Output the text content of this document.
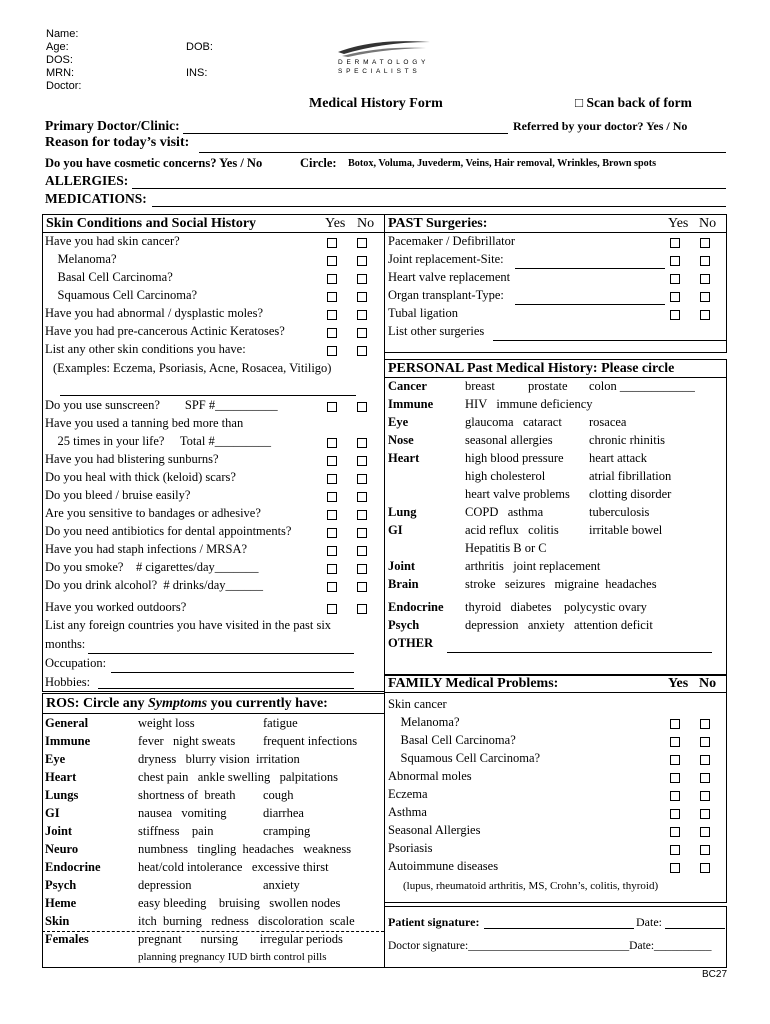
Name:
Age:	DOB:
DOS:
MRN:	INS:
Doctor:
D E R M A T O L O G Y
S P E C I A L I S T S
Medical History Form	□ Scan back of form
Primary Doctor/Clinic:	Referred by your doctor? Yes / No
Reason for today’s visit:
Do you have cosmetic concerns? Yes / No	Circle: Botox, Voluma, Juvederm, Veins, Hair removal, Wrinkles, Brown spots
ALLERGIES:
MEDICATIONS:
Skin Conditions and Social History	Yes No
Have you had skin cancer?
Melanoma?
Basal Cell Carcinoma?
Squamous Cell Carcinoma?
Have you had abnormal / dysplastic moles?
Have you had pre-cancerous Actinic Keratoses?
List any other skin conditions you have:
(Examples: Eczema, Psoriasis, Acne, Rosacea, Vitiligo)
Do you use sunscreen?        SPF #__________
Have you used a tanning bed more than
25 times in your life?     Total #_________
Have you had blistering sunburns?
Do you heal with thick (keloid) scars?
Do you bleed / bruise easily?
Are you sensitive to bandages or adhesive?
Do you need antibiotics for dental appointments?
Have you had staph infections / MRSA?
Do you smoke?    # cigarettes/day_______
Do you drink alcohol?  # drinks/day______
Have you worked outdoors?
List any foreign countries you have visited in the past six
months:
Occupation:
Hobbies:
PAST Surgeries:	Yes No
Pacemaker / Defibrillator
Joint replacement-Site:
Heart valve replacement
Organ transplant-Type:
Tubal ligation
List other surgeries
PERSONAL Past Medical History: Please circle
Cancer	breast	prostate colon ____________
Immune	HIV   immune deficiency
Eye	glaucoma   cataract rosacea
Nose	seasonal allergies	chronic rhinitis
Heart	high blood pressure heart attack
high cholesterol	atrial fibrillation
heart valve problems clotting disorder
Lung	COPD   asthma	tuberculosis
GI	acid reflux   colitis irritable bowel
Hepatitis B or C
Joint	arthritis   joint replacement
Brain	stroke   seizures   migraine  headaches
Endocrine thyroid   diabetes    polycystic ovary
Psych	depression   anxiety   attention deficit
OTHER
ROS: Circle any Symptoms you currently have:
General	weight loss	fatigue
Immune	fever   night sweats frequent infections
Eye	dryness   blurry vision  irritation
Heart	chest pain   ankle swelling   palpitations
Lungs	shortness of  breath cough
GI	nausea   vomiting	diarrhea
Joint	stiffness    pain	cramping
Neuro	numbness   tingling  headaches   weakness
Endocrine	heat/cold intolerance   excessive thirst
Psych	depression	anxiety
Heme	easy bleeding    bruising   swollen nodes
Skin	itch  burning   redness   discoloration  scale
Females	pregnant      nursing       irregular periods
planning pregnancy IUD birth control pills
FAMILY Medical Problems:	Yes No
Skin cancer
Melanoma?
Basal Cell Carcinoma?
Squamous Cell Carcinoma?
Abnormal moles
Eczema
Asthma
Seasonal Allergies
Psoriasis
Autoimmune diseases
(lupus, rheumatoid arthritis, MS, Crohn’s, colitis, thyroid)
Patient signature:	Date:
Doctor signature:____________________________Date:__________
BC27
